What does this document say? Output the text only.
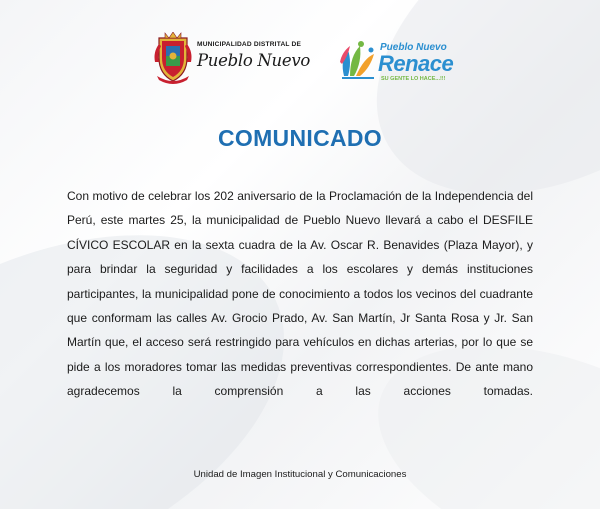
MUNICIPALIDAD DISTRITAL DE
Pueblo Nuevo
Pueblo Nuevo
Renace
SU GENTE LO HACE...!!!
COMUNICADO

Con motivo de celebrar los 202 aniversario de la Proclamación de la Independencia del Perú, este martes 25, la municipalidad de Pueblo Nuevo llevará a cabo el DESFILE CÍVICO ESCOLAR en la sexta cuadra de la Av. Oscar R. Benavides (Plaza Mayor), y para brindar la seguridad y facilidades a los escolares y demás instituciones participantes, la municipalidad pone de conocimiento a todos los vecinos del cuadrante que conformam las calles Av. Grocio Prado, Av. San Martín, Jr Santa Rosa y Jr. San Martín que, el acceso será restringido para vehículos en dichas arterias, por lo que se pide a los moradores tomar las medidas preventivas correspondientes. De ante mano agradecemos la comprensión a las acciones tomadas.

Unidad de Imagen Institucional y Comunicaciones
